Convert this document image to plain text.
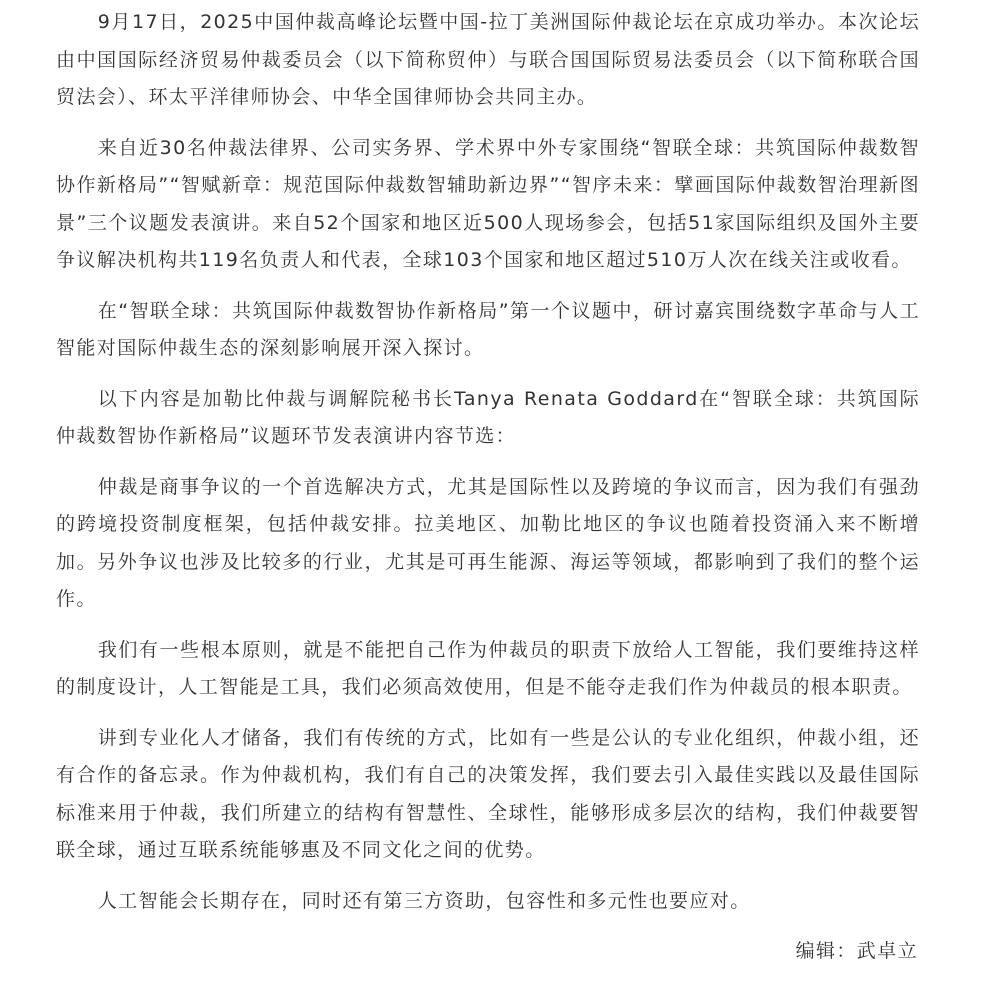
9月17日，2025中国仲裁高峰论坛暨中国-拉丁美洲国际仲裁论坛在京成功举办。本次论坛由中国国际经济贸易仲裁委员会（以下简称贸仲）与联合国国际贸易法委员会（以下简称联合国贸法会）、环太平洋律师协会、中华全国律师协会共同主办。

来自近30名仲裁法律界、公司实务界、学术界中外专家围绕“智联全球：共筑国际仲裁数智协作新格局”“智赋新章：规范国际仲裁数智辅助新边界”“智序未来：擘画国际仲裁数智治理新图景”三个议题发表演讲。来自52个国家和地区近500人现场参会，包括51家国际组织及国外主要争议解决机构共119名负责人和代表，全球103个国家和地区超过510万人次在线关注或收看。

在“智联全球：共筑国际仲裁数智协作新格局”第一个议题中，研讨嘉宾围绕数字革命与人工智能对国际仲裁生态的深刻影响展开深入探讨。

以下内容是加勒比仲裁与调解院秘书长Tanya Renata Goddard在“智联全球：共筑国际仲裁数智协作新格局”议题环节发表演讲内容节选：

仲裁是商事争议的一个首选解决方式，尤其是国际性以及跨境的争议而言，因为我们有强劲的跨境投资制度框架，包括仲裁安排。拉美地区、加勒比地区的争议也随着投资涌入来不断增加。另外争议也涉及比较多的行业，尤其是可再生能源、海运等领域，都影响到了我们的整个运作。

我们有一些根本原则，就是不能把自己作为仲裁员的职责下放给人工智能，我们要维持这样的制度设计，人工智能是工具，我们必须高效使用，但是不能夺走我们作为仲裁员的根本职责。

讲到专业化人才储备，我们有传统的方式，比如有一些是公认的专业化组织，仲裁小组，还有合作的备忘录。作为仲裁机构，我们有自己的决策发挥，我们要去引入最佳实践以及最佳国际标准来用于仲裁，我们所建立的结构有智慧性、全球性，能够形成多层次的结构，我们仲裁要智联全球，通过互联系统能够惠及不同文化之间的优势。

人工智能会长期存在，同时还有第三方资助，包容性和多元性也要应对。

编辑：武卓立
